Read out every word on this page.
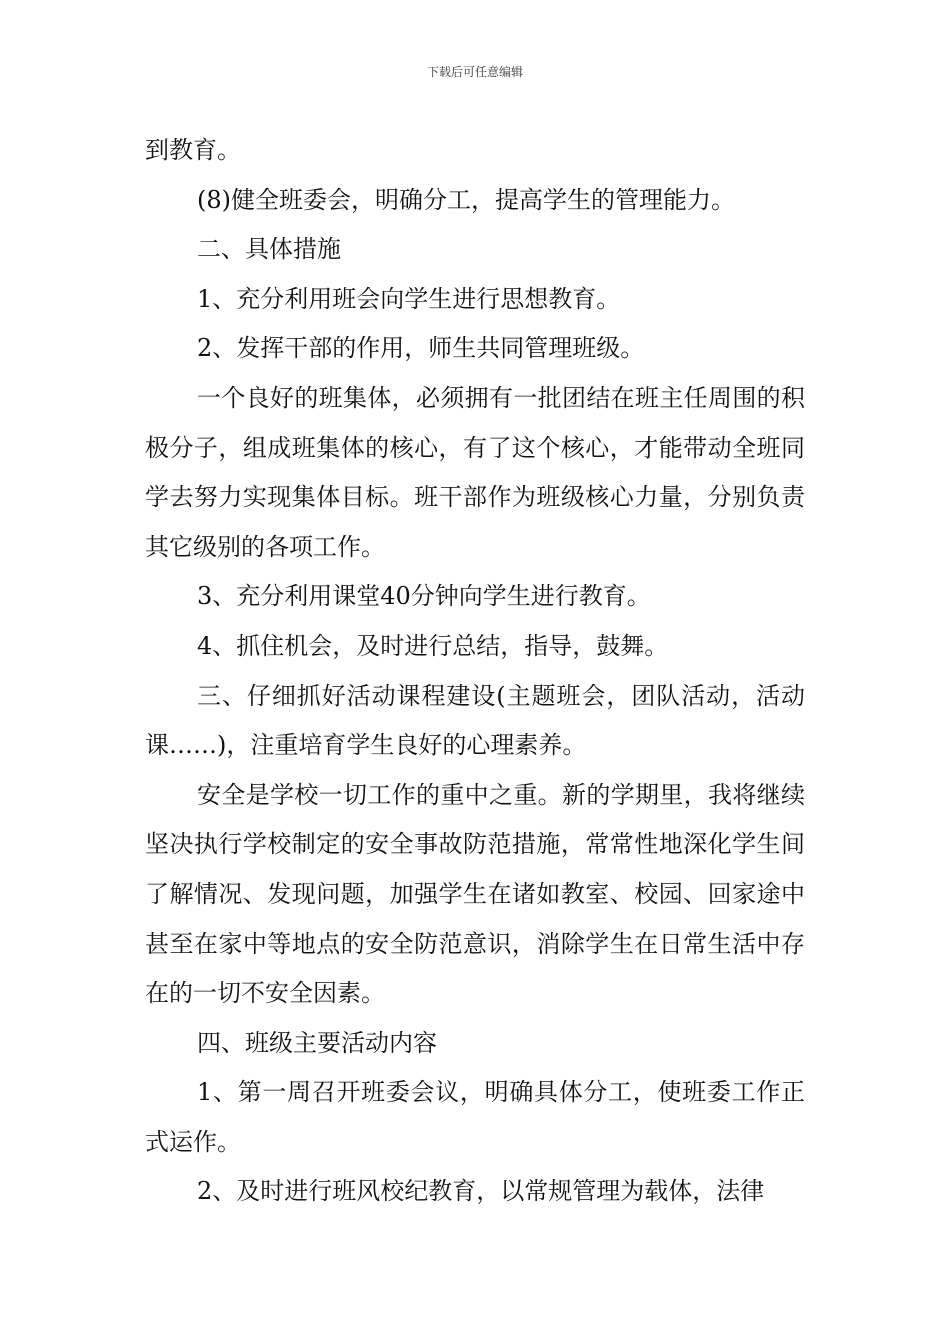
下载后可任意编辑

到教育。

(8)健全班委会，明确分工，提高学生的管理能力。

二、具体措施

1、充分利用班会向学生进行思想教育。

2、发挥干部的作用，师生共同管理班级。

一个良好的班集体，必须拥有一批团结在班主任周围的积极分子，组成班集体的核心，有了这个核心，才能带动全班同学去努力实现集体目标。班干部作为班级核心力量，分别负责其它级别的各项工作。

3、充分利用课堂40分钟向学生进行教育。

4、抓住机会，及时进行总结，指导，鼓舞。

三、仔细抓好活动课程建设(主题班会，团队活动，活动课……)，注重培育学生良好的心理素养。

安全是学校一切工作的重中之重。新的学期里，我将继续坚决执行学校制定的安全事故防范措施，常常性地深化学生间了解情况、发现问题，加强学生在诸如教室、校园、回家途中甚至在家中等地点的安全防范意识，消除学生在日常生活中存在的一切不安全因素。

四、班级主要活动内容

1、第一周召开班委会议，明确具体分工，使班委工作正式运作。

2、及时进行班风校纪教育，以常规管理为载体，法律
